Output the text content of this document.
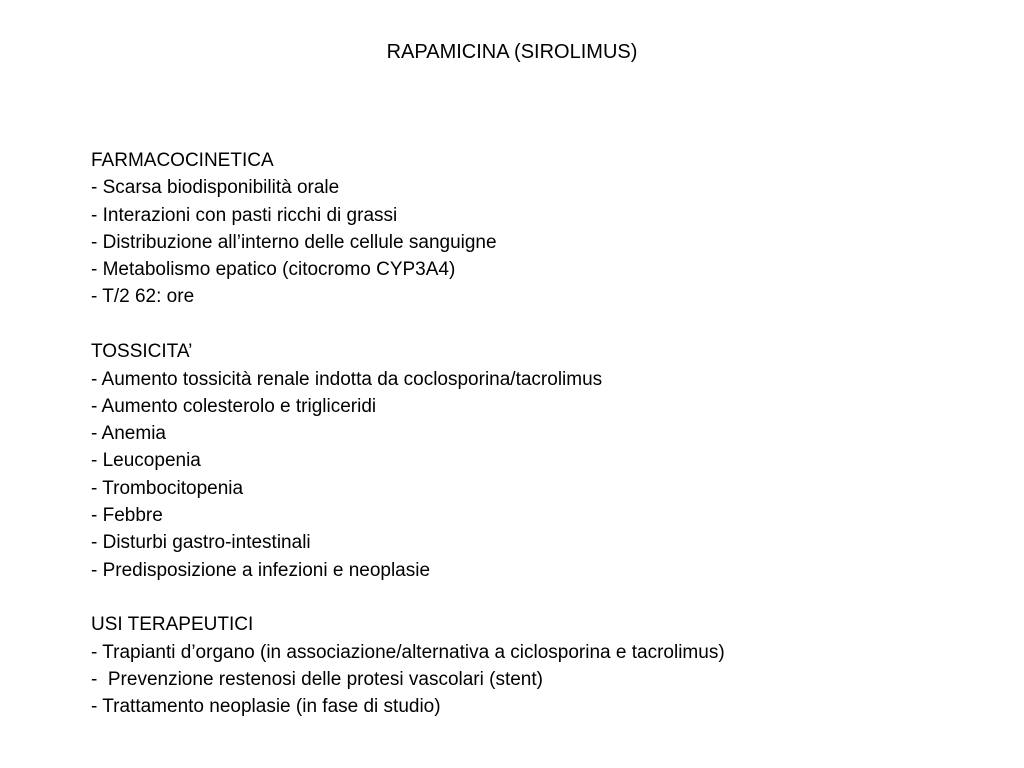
RAPAMICINA (SIROLIMUS)
FARMACOCINETICA
- Scarsa biodisponibilità orale
- Interazioni con pasti ricchi di grassi
- Distribuzione all’interno delle cellule sanguigne
- Metabolismo epatico (citocromo CYP3A4)
- T/2 62: ore
TOSSICITA’
- Aumento tossicità renale indotta da coclosporina/tacrolimus
- Aumento colesterolo e trigliceridi
- Anemia
- Leucopenia
- Trombocitopenia
- Febbre
- Disturbi gastro-intestinali
- Predisposizione a infezioni e neoplasie
USI TERAPEUTICI
- Trapianti d’organo (in associazione/alternativa a ciclosporina e tacrolimus)
-  Prevenzione restenosi delle protesi vascolari (stent)
- Trattamento neoplasie (in fase di studio)
